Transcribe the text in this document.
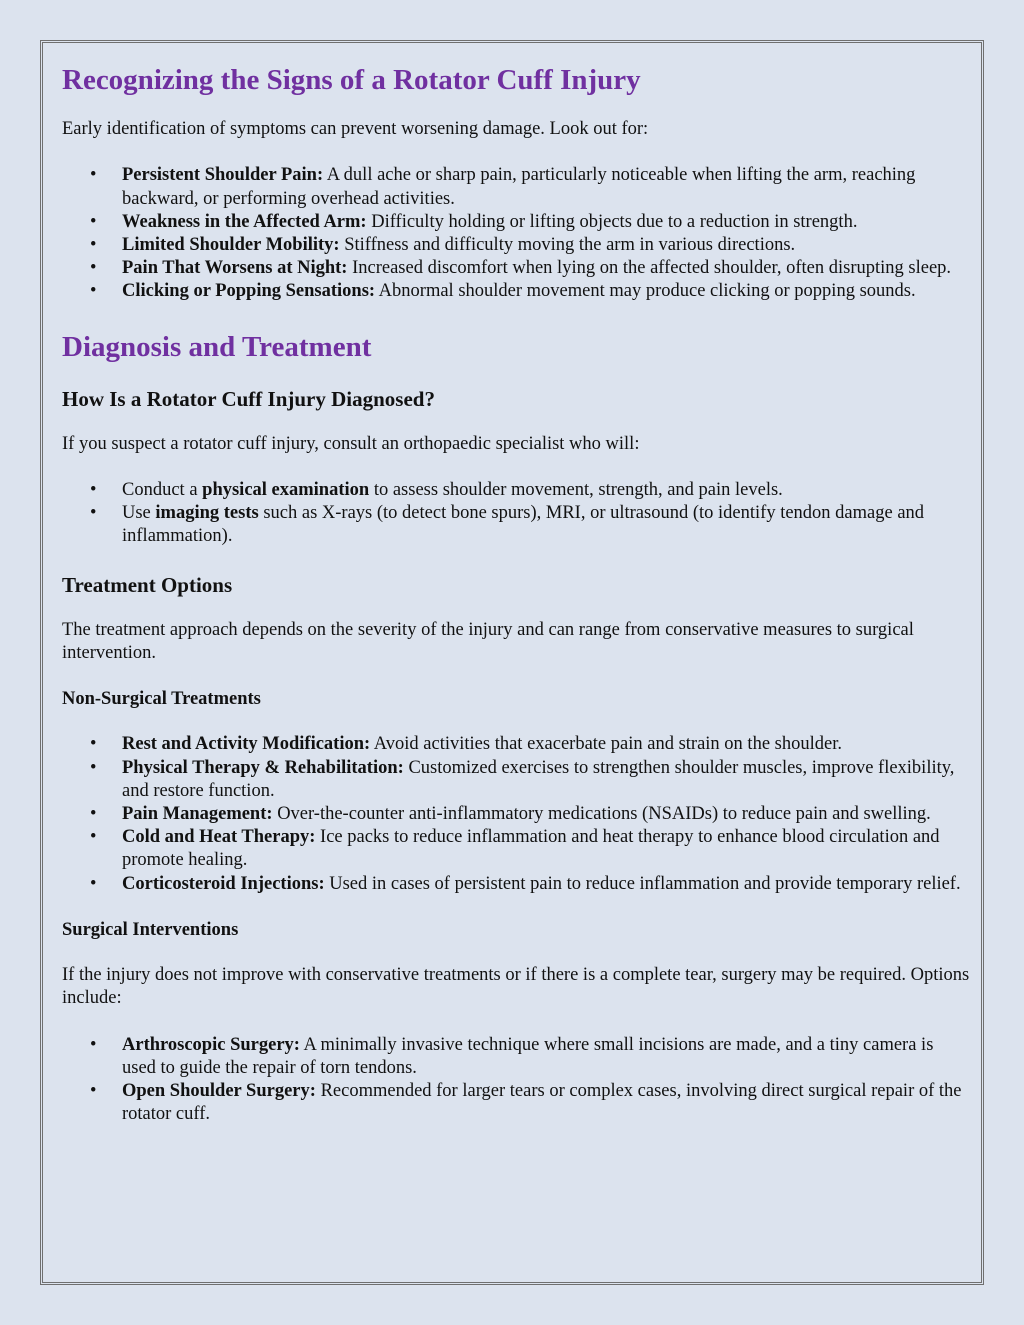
Recognizing the Signs of a Rotator Cuff Injury

Early identification of symptoms can prevent worsening damage. Look out for:

• Persistent Shoulder Pain: A dull ache or sharp pain, particularly noticeable when lifting the arm, reaching backward, or performing overhead activities.
• Weakness in the Affected Arm: Difficulty holding or lifting objects due to a reduction in strength.
• Limited Shoulder Mobility: Stiffness and difficulty moving the arm in various directions.
• Pain That Worsens at Night: Increased discomfort when lying on the affected shoulder, often disrupting sleep.
• Clicking or Popping Sensations: Abnormal shoulder movement may produce clicking or popping sounds.
Diagnosis and Treatment
How Is a Rotator Cuff Injury Diagnosed?

If you suspect a rotator cuff injury, consult an orthopaedic specialist who will:

• Conduct a physical examination to assess shoulder movement, strength, and pain levels.
• Use imaging tests such as X-rays (to detect bone spurs), MRI, or ultrasound (to identify tendon damage and inflammation).
Treatment Options

The treatment approach depends on the severity of the injury and can range from conservative measures to surgical intervention.

Non-Surgical Treatments
• Rest and Activity Modification: Avoid activities that exacerbate pain and strain on the shoulder.
• Physical Therapy & Rehabilitation: Customized exercises to strengthen shoulder muscles, improve flexibility, and restore function.
• Pain Management: Over-the-counter anti-inflammatory medications (NSAIDs) to reduce pain and swelling.
• Cold and Heat Therapy: Ice packs to reduce inflammation and heat therapy to enhance blood circulation and promote healing.
• Corticosteroid Injections: Used in cases of persistent pain to reduce inflammation and provide temporary relief.
Surgical Interventions

If the injury does not improve with conservative treatments or if there is a complete tear, surgery may be required. Options include:

• Arthroscopic Surgery: A minimally invasive technique where small incisions are made, and a tiny camera is used to guide the repair of torn tendons.
• Open Shoulder Surgery: Recommended for larger tears or complex cases, involving direct surgical repair of the rotator cuff.
